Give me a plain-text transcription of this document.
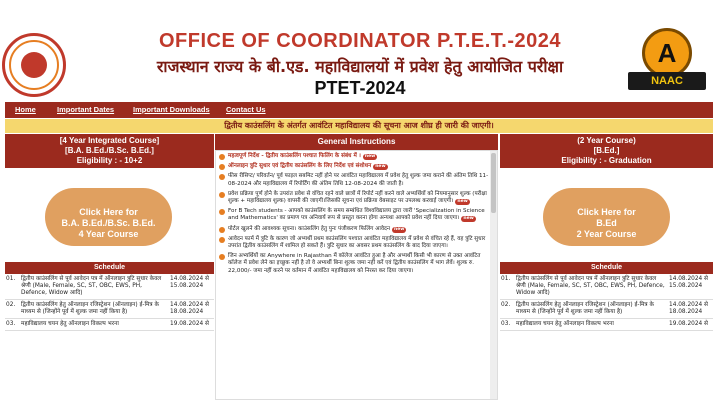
OFFICE OF COORDINATOR P.T.E.T.-2024
राजस्थान राज्य के बी.एड. महाविद्यालयों में प्रवेश हेतु आयोजित परीक्षा
PTET-2024
A
NAAC
Home	Important Dates	Important Downloads Contact Us
द्वितीय काउंसलिंग के अंतर्गत आवंटित महाविद्यालय की सूचना आज शीघ्र ही जारी की जाएगी।
[4 Year Integrated Course]
[B.A. B.Ed./B.Sc. B.Ed.]
Eligibility : - 10+2
Click Here for
B.A. B.Ed./B.Sc. B.Ed.
4 Year Course
Schedule
01. द्वितीय काउंसलिंग से पूर्व आवेदन पत्र में ऑनलाइन त्रुटि सुधार केवल श्रेणी (Male, Female, SC, ST, OBC, EWS, PH, Defence, Widow आदि)
14.08.2024 से 15.08.2024
02. द्वितीय काउंसलिंग हेतु ऑनलाइन रजिस्ट्रेशन (ऑनलाइन) ई-मित्र के माध्यम से (जिन्होंने पूर्व में शुल्क जमा नहीं किया है)
14.08.2024 से 18.08.2024
03. महाविद्यालय चयन हेतु ऑनलाइन विकल्प भरना	19.08.2024 से
General Instructions
महत्वपूर्ण निर्देश - द्वितीय काउंसलिंग पश्चात फिलिंग के संबंध में । new
ऑनलाइन त्रुटि सुधार एवं द्वितीय काउंसलिंग के लिए निर्देश एवं संशोधन new
फीस रीसिप्ट/ परिवर्तन/ पूर्व फाइल सबमिट नहीं होने पर आवंटित महाविद्यालय में प्रवेश हेतु शुल्क जमा कराने की अंतिम तिथि 11-08-2024 और महाविद्यालय में रिपोर्टिंग की अंतिम तिथि 12-08-2024 की जाती है।
प्रवेश प्रक्रिया पूर्ण होने के उपरांत प्रवेश से वंचित रहने वाले छात्रों में रिपोर्ट नहीं करने वाले अभ्यर्थियों को नियमानुसार शुल्क (परीक्षा शुल्क + महाविद्यालय शुल्क) वापसी की जाएगी।जिसकी सूचना एवं प्रक्रिया वेबसाइट पर उपलब्ध करवाई जाएगी। new
For B Tech students - आपको काउंसलिंग के समय सम्बंधित विश्वविद्यालय द्वारा जारी 'Specialization in Science and Mathematics' का प्रमाण पत्र अनिवार्य रूप से प्रस्तुत करना होगा अन्यथा आपको प्रवेश नहीं दिया जाएगा। new
पोर्टल खुलने की आवश्यक सूचना। काउंसलिंग हेतु पुनः पंजीकरण फिलिंग आवेदन new
आवेदन फार्म में त्रुटि के कारण जो अभ्यर्थी प्रथम काउंसलिंग पश्चात आवंटित महाविद्यालय में प्रवेश से वंचित रहे हैं, वह त्रुटि सुधार उपरांत द्वितीय काउंसलिंग में शामिल हो सकते हैं। त्रुटि सुधार का अवसर प्रथम काउंसलिंग के बाद दिया जाएगा।
जिन अभ्यर्थियों का Anywhere in Rajasthan में कॉलेज आवंटित हुआ है और अभ्यर्थी किसी भी कारण से उक्त आवंटित कॉलेज में प्रवेश लेने का इच्छुक नहीं है तो वे अभ्यर्थी बिना शुल्क जमा नहीं करें एवं द्वितीय काउंसलिंग में भाग लेवें। शुल्क रु. 22,000/- जमा नहीं करने पर वर्तमान में आवंटित महाविद्यालय को निरस्त कर दिया जाएगा।
(2 Year Course)
[B.Ed.]
Eligibility : - Graduation
Click Here for
B.Ed
2 Year Course
Schedule
01. द्वितीय काउंसलिंग से पूर्व आवेदन पत्र में ऑनलाइन त्रुटि सुधार केवल श्रेणी (Male, Female, SC, ST, OBC, EWS, PH, Defence, Widow आदि)
14.08.2024 से 15.08.2024
02. द्वितीय काउंसलिंग हेतु ऑनलाइन रजिस्ट्रेशन (ऑनलाइन) ई-मित्र के माध्यम से (जिन्होंने पूर्व में शुल्क जमा नहीं किया है)
14.08.2024 से 18.08.2024
03. महाविद्यालय चयन हेतु ऑनलाइन विकल्प भरना	19.08.2024 से
